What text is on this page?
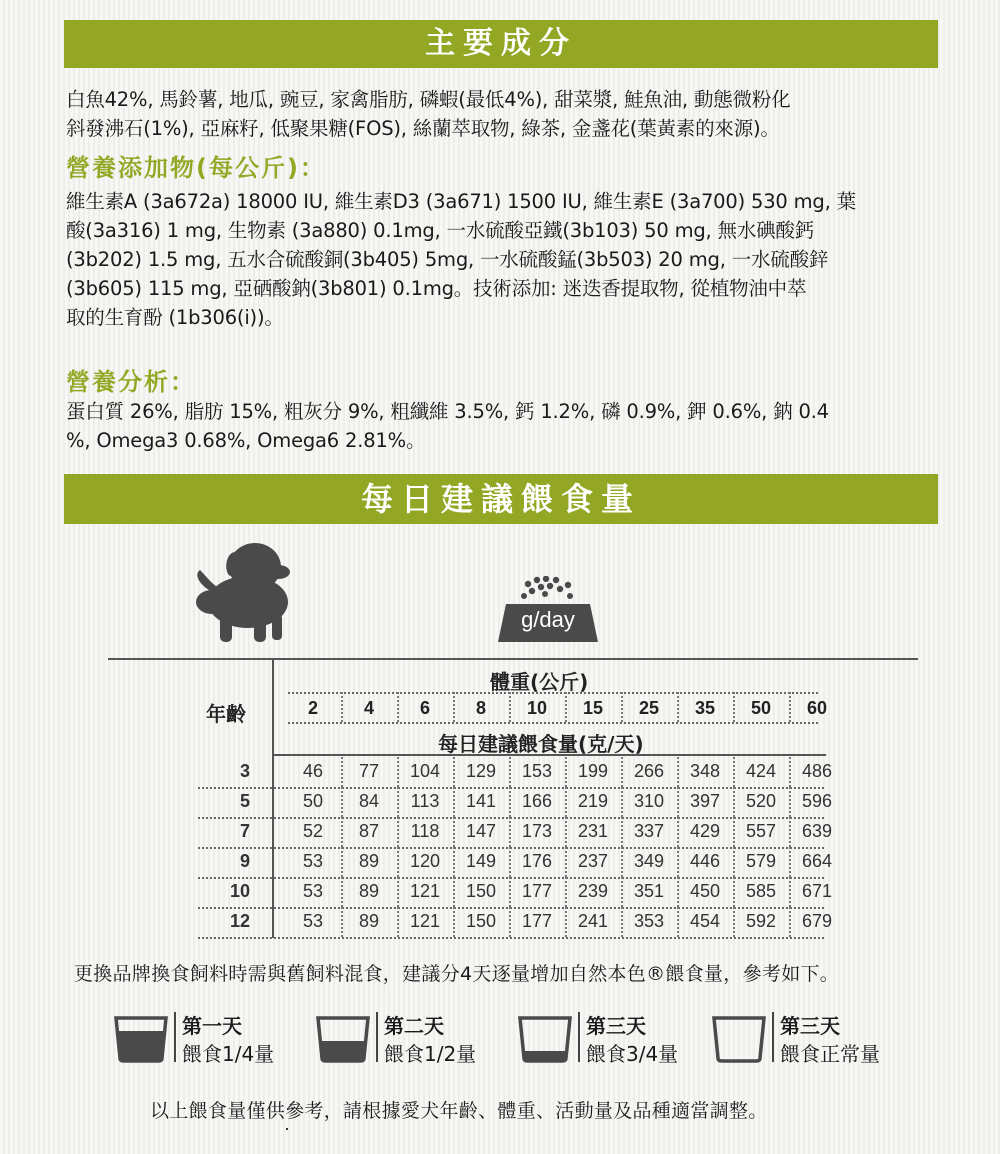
主要成分
白魚42%, 馬鈴薯, 地瓜, 豌豆, 家禽脂肪, 磷蝦(最低4%), 甜菜漿, 鮭魚油, 動態微粉化
斜發沸石(1%), 亞麻籽, 低聚果糖(FOS), 絲蘭萃取物, 綠茶, 金盞花(葉黃素的來源)。
營養添加物(每公斤)：
維生素A (3a672a) 18000 IU, 維生素D3 (3a671) 1500 IU, 維生素E (3a700) 530 mg, 葉
酸(3a316) 1 mg, 生物素 (3a880) 0.1mg, 一水硫酸亞鐵(3b103) 50 mg, 無水碘酸鈣
(3b202) 1.5 mg, 五水合硫酸銅(3b405) 5mg, 一水硫酸錳(3b503) 20 mg, 一水硫酸鋅
(3b605) 115 mg, 亞硒酸鈉(3b801) 0.1mg。技術添加: 迷迭香提取物, 從植物油中萃
取的生育酚 (1b306(i))。
營養分析：
蛋白質 26%, 脂肪 15%, 粗灰分 9%, 粗纖維 3.5%, 鈣 1.2%, 磷 0.9%, 鉀 0.6%, 鈉 0.4
%, Omega3 0.68%, Omega6 2.81%。
每日建議餵食量
g/day
體重(公斤)
年齡	2	4	6	8	10	15	25	35	50	60
每日建議餵食量(克/天)
3	46	77	104	129	153	199	266	348	424	486
5	50	84	113	141	166	219	310	397	520	596
7	52	87	118	147	173	231	337	429	557	639
9	53	89	120	149	176	237	349	446	579	664
10	53	89	121	150	177	239	351	450	585	671
12	53	89	121	150	177	241	353	454	592	679
更換品牌換食飼料時需與舊飼料混食，建議分4天逐量增加自然本色®餵食量，參考如下。
第一天
餵食1/4量
第二天
餵食1/2量
第三天
餵食3/4量
第三天
餵食正常量
以上餵食量僅供參考，請根據愛犬年齡、體重、活動量及品種適當調整。
